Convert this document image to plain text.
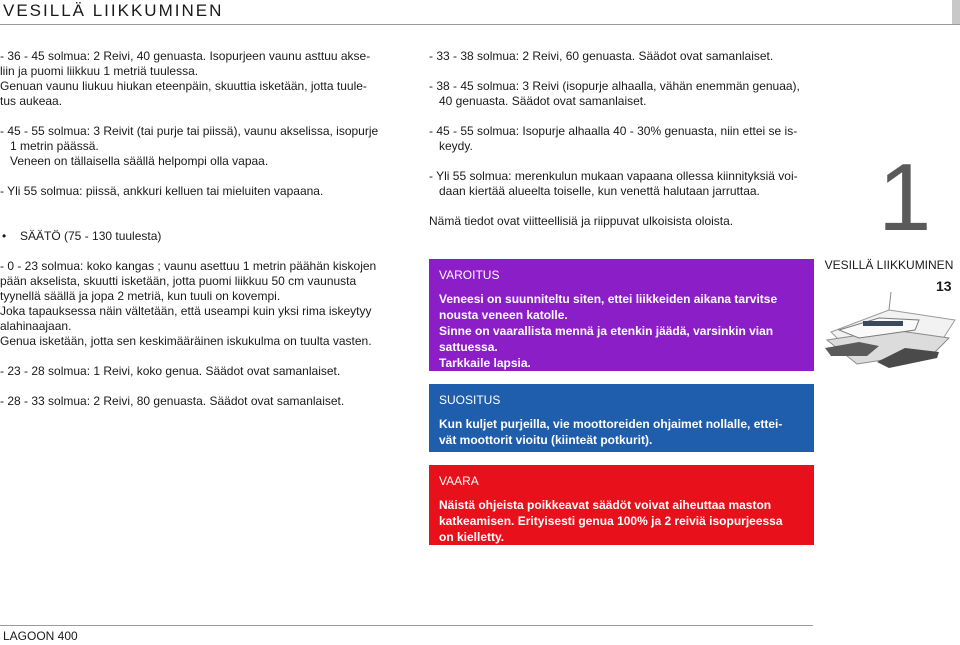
VESILLÄ LIIKKUMINEN

- 36 - 45 solmua: 2 Reivi, 40 genuasta. Isopurjeen vaunu asttuu akse-
liin ja puomi liikkuu 1 metriä tuulessa.
Genuan vaunu liukuu hiukan eteenpäin, skuuttia isketään, jotta tuule-
tus aukeaa.

- 45 - 55 solmua: 3 Reivit (tai purje tai piissä), vaunu akselissa, isopurje
1 metrin päässä.
Veneen on tällaisella säällä helpompi olla vapaa.

- Yli 55 solmua: piissä, ankkuri kelluen tai mieluiten vapaana.

• SÄÄTÖ (75 - 130 tuulesta)

- 0 - 23 solmua: koko kangas ; vaunu asettuu 1 metrin päähän kiskojen
pään akselista, skuutti isketään, jotta puomi liikkuu 50 cm vaunusta
tyynellä säällä ja jopa 2 metriä, kun tuuli on kovempi.
Joka tapauksessa näin vältetään, että useampi kuin yksi rima iskeytyy
alahinaajaan.
Genua isketään, jotta sen keskimääräinen iskukulma on tuulta vasten.

- 23 - 28 solmua: 1 Reivi, koko genua. Säädot ovat samanlaiset.

- 28 - 33 solmua: 2 Reivi, 80 genuasta. Säädot ovat samanlaiset.

- 33 - 38 solmua: 2 Reivi, 60 genuasta. Säädot ovat samanlaiset.

- 38 - 45 solmua: 3 Reivi (isopurje alhaalla, vähän enemmän genuaa),
40 genuasta. Säädot ovat samanlaiset.

- 45 - 55 solmua: Isopurje alhaalla 40 - 30% genuasta, niin ettei se is-
keydy.

- Yli 55 solmua: merenkulun mukaan vapaana ollessa kiinnityksiä voi-
daan kiertää alueelta toiselle, kun venettä halutaan jarruttaa.

Nämä tiedot ovat viitteellisiä ja riippuvat ulkoisista oloista.

VAROITUS
Veneesi on suunniteltu siten, ettei liikkeiden aikana tarvitse
nousta veneen katolle.
Sinne on vaarallista mennä ja etenkin jäädä, varsinkin vian
sattuessa.
Tarkkaile lapsia.
SUOSITUS
Kun kuljet purjeilla, vie moottoreiden ohjaimet nollalle, ettei-
vät moottorit vioitu (kiinteät potkurit).
VAARA
Näistä ohjeista poikkeavat säädöt voivat aiheuttaa maston
katkeamisen. Erityisesti genua 100% ja 2 reiviä isopurjeessa
on kielletty.
1
VESILLÄ LIIKKUMINEN
13
LAGOON 400
